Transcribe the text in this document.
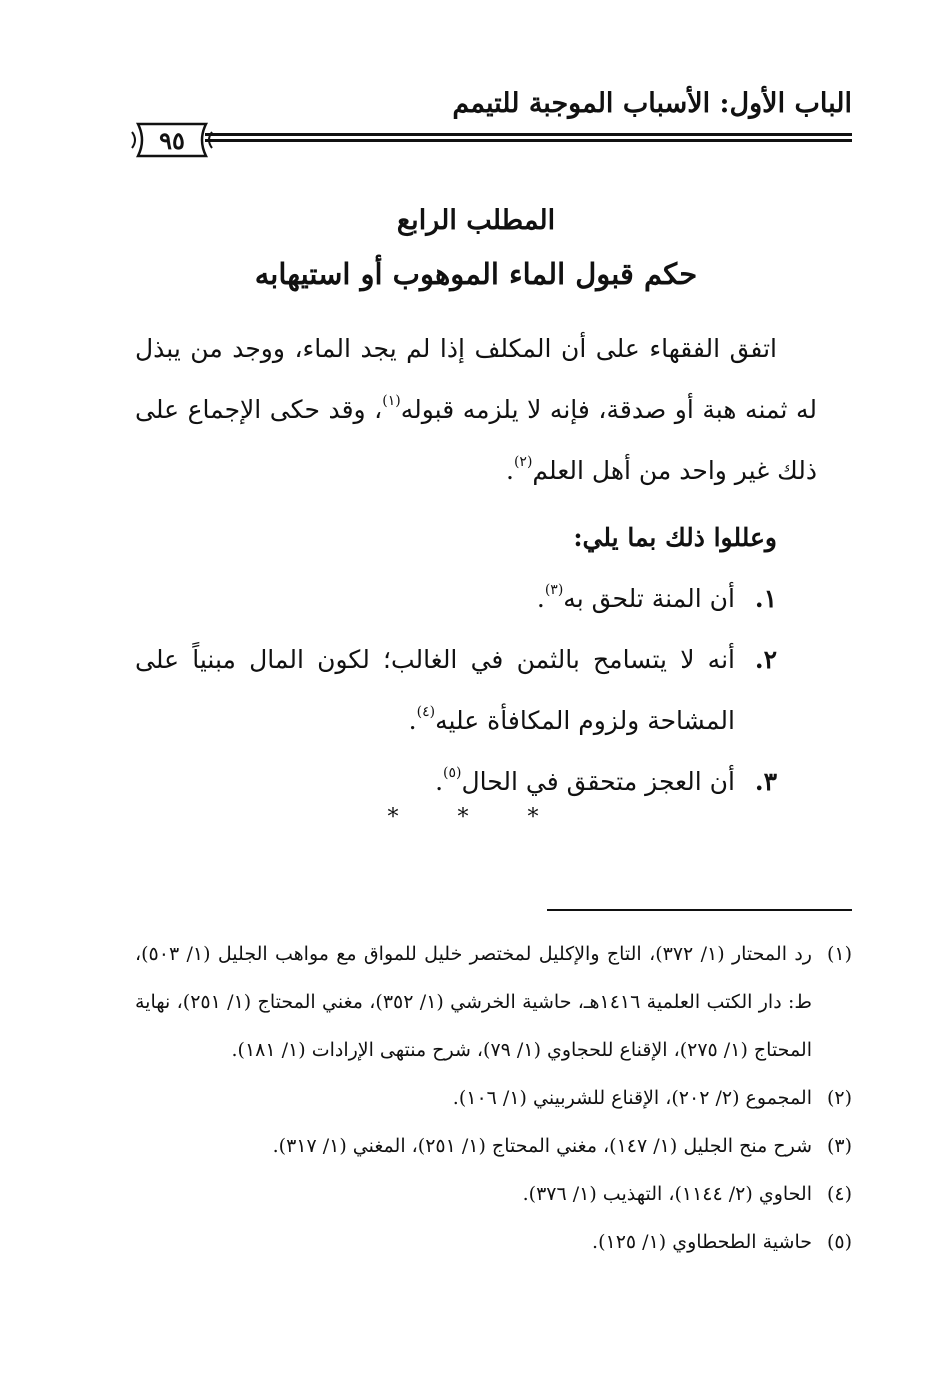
الباب الأول: الأسباب الموجبة للتيمم
٩٥
المطلب الرابع
حكم قبول الماء الموهوب أو استيهابه

اتفق الفقهاء على أن المكلف إذا لم يجد الماء، ووجد من يبذل له ثمنه هبة أو صدقة، فإنه لا يلزمه قبوله$^{(١)}$، وقد حكى الإجماع على ذلك غير واحد من أهل العلم$^{(٢)}$.

وعللوا ذلك بما يلي:

١.
أن المنة تلحق به$^{(٣)}$.

٢.
أنه لا يتسامح بالثمن في الغالب؛ لكون المال مبنياً على المشاحة ولزوم المكافأة عليه$^{(٤)}$.

٣.
أن العجز متحقق في الحال$^{(٥)}$.

* * *
(١)
رد المحتار (١/ ٣٧٢)، التاج والإكليل لمختصر خليل للمواق مع مواهب الجليل (١/ ٥٠٣)، ط: دار الكتب العلمية ١٤١٦هـ، حاشية الخرشي (١/ ٣٥٢)، مغني المحتاج (١/ ٢٥١)، نهاية المحتاج (١/ ٢٧٥)، الإقناع للحجاوي (١/ ٧٩)، شرح منتهى الإرادات (١/ ١٨١).
(٢)
المجموع (٢/ ٢٠٢)، الإقناع للشربيني (١/ ١٠٦).
(٣)
شرح منح الجليل (١/ ١٤٧)، مغني المحتاج (١/ ٢٥١)، المغني (١/ ٣١٧).
(٤)
الحاوي (٢/ ١١٤٤)، التهذيب (١/ ٣٧٦).
(٥)
حاشية الطحطاوي (١/ ١٢٥).
